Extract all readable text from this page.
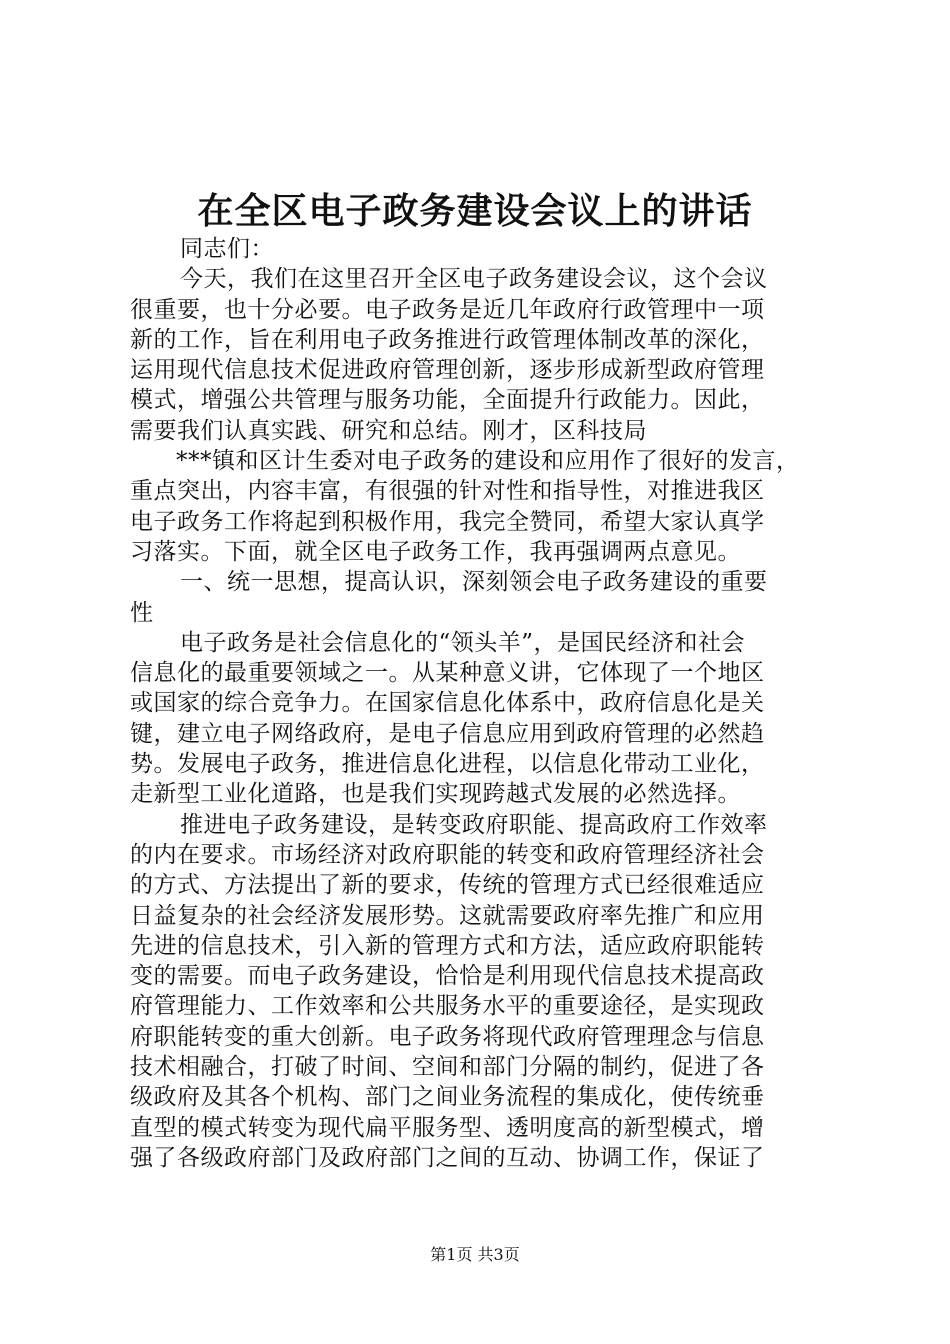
在全区电子政务建设会议上的讲话
同志们：
今天，我们在这里召开全区电子政务建设会议，这个会议
很重要，也十分必要。电子政务是近几年政府行政管理中一项
新的工作，旨在利用电子政务推进行政管理体制改革的深化，
运用现代信息技术促进政府管理创新，逐步形成新型政府管理
模式，增强公共管理与服务功能，全面提升行政能力。因此，
需要我们认真实践、研究和总结。刚才，区科技局
***镇和区计生委对电子政务的建设和应用作了很好的发言，
重点突出，内容丰富，有很强的针对性和指导性，对推进我区
电子政务工作将起到积极作用，我完全赞同，希望大家认真学
习落实。下面，就全区电子政务工作，我再强调两点意见。
一、统一思想，提高认识，深刻领会电子政务建设的重要
性
电子政务是社会信息化的“领头羊”，是国民经济和社会
信息化的最重要领域之一。从某种意义讲，它体现了一个地区
或国家的综合竞争力。在国家信息化体系中，政府信息化是关
键，建立电子网络政府，是电子信息应用到政府管理的必然趋
势。发展电子政务，推进信息化进程，以信息化带动工业化，
走新型工业化道路，也是我们实现跨越式发展的必然选择。
推进电子政务建设，是转变政府职能、提高政府工作效率
的内在要求。市场经济对政府职能的转变和政府管理经济社会
的方式、方法提出了新的要求，传统的管理方式已经很难适应
日益复杂的社会经济发展形势。这就需要政府率先推广和应用
先进的信息技术，引入新的管理方式和方法，适应政府职能转
变的需要。而电子政务建设，恰恰是利用现代信息技术提高政
府管理能力、工作效率和公共服务水平的重要途径，是实现政
府职能转变的重大创新。电子政务将现代政府管理理念与信息
技术相融合，打破了时间、空间和部门分隔的制约，促进了各
级政府及其各个机构、部门之间业务流程的集成化，使传统垂
直型的模式转变为现代扁平服务型、透明度高的新型模式，增
强了各级政府部门及政府部门之间的互动、协调工作，保证了
第1页 共3页
